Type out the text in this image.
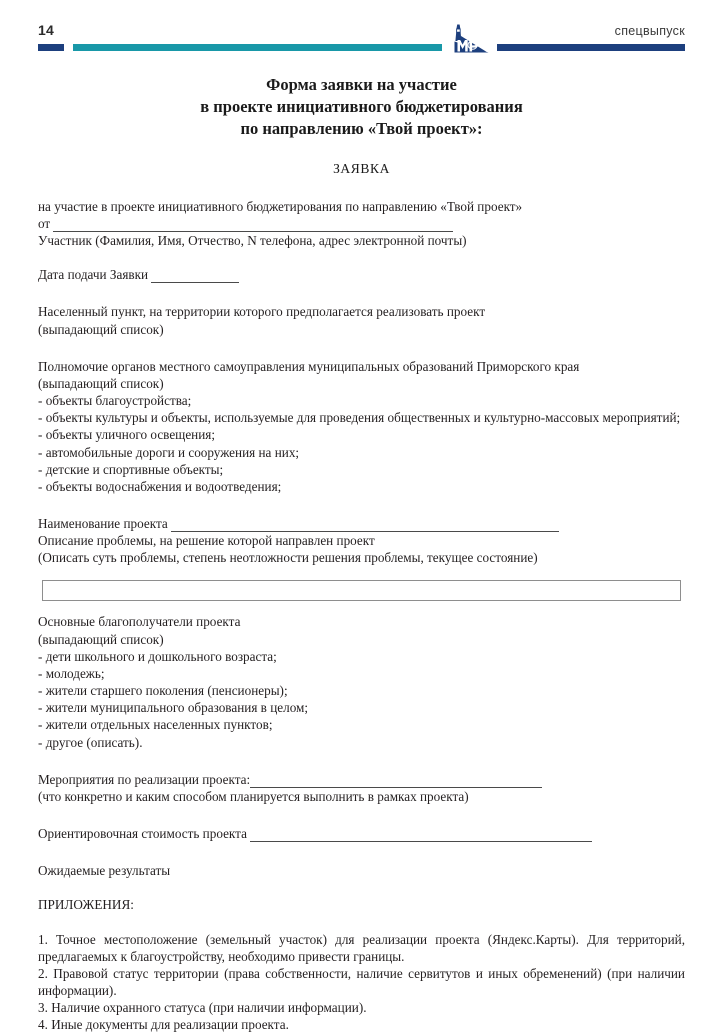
14	спецвыпуск
Форма заявки на участие
в проекте инициативного бюджетирования
по направлению «Твой проект»:
ЗАЯВКА

на участие в проекте инициативного бюджетирования по направлению «Твой проект»

от

Участник (Фамилия, Имя, Отчество, N телефона, адрес электронной почты)

Дата подачи Заявки

Населенный пункт, на территории которого предполагается реализовать проект

(выпадающий список)

Полномочие органов местного самоуправления муниципальных образований Приморского края

(выпадающий список)

- объекты благоустройства;

- объекты культуры и объекты, используемые для проведения общественных и культурно-массовых мероприятий;

- объекты уличного освещения;

- автомобильные дороги и сооружения на них;

- детские и спортивные объекты;

- объекты водоснабжения и водоотведения;

Наименование проекта

Описание проблемы, на решение которой направлен проект

(Описать суть проблемы, степень неотложности решения проблемы, текущее состояние)

Основные благополучатели проекта

(выпадающий список)

- дети школьного и дошкольного возраста;

- молодежь;

- жители старшего поколения (пенсионеры);

- жители муниципального образования в целом;

- жители отдельных населенных пунктов;

- другое (описать).

Мероприятия по реализации проекта:

(что конкретно и каким способом планируется выполнить в рамках проекта)

Ориентировочная стоимость проекта

Ожидаемые результаты

ПРИЛОЖЕНИЯ:

1. Точное местоположение (земельный участок) для реализации проекта (Яндекс.Карты). Для территорий, предлагаемых к благоустройству, необходимо привести границы.

2. Правовой статус территории (права собственности, наличие сервитутов и иных обременений) (при наличии информации).

3. Наличие охранного статуса (при наличии информации).

4. Иные документы для реализации проекта.
